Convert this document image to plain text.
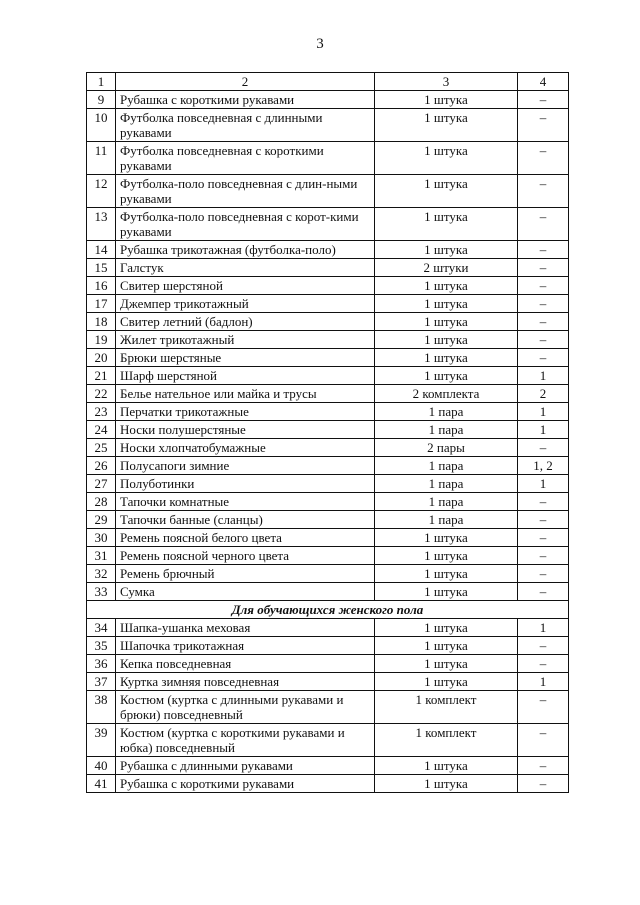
3
1	2	3	4
9	Рубашка с короткими рукавами	1 штука	–
10	Футболка повседневная с длинными рукавами	1 штука	–
11	Футболка повседневная с короткими рукавами	1 штука	–
12	Футболка-поло повседневная с длин-ными рукавами	1 штука	–
13	Футболка-поло повседневная с корот-кими рукавами	1 штука	–
14	Рубашка трикотажная (футболка-поло)	1 штука	–
15	Галстук	2 штуки	–
16	Свитер шерстяной	1 штука	–
17	Джемпер трикотажный	1 штука	–
18	Свитер летний (бадлон)	1 штука	–
19	Жилет трикотажный	1 штука	–
20	Брюки шерстяные	1 штука	–
21	Шарф шерстяной	1 штука	1
22	Белье нательное или майка и трусы	2 комплекта	2
23	Перчатки трикотажные	1 пара	1
24	Носки полушерстяные	1 пара	1
25	Носки хлопчатобумажные	2 пары	–
26	Полусапоги зимние	1 пара	1, 2
27	Полуботинки	1 пара	1
28	Тапочки комнатные	1 пара	–
29	Тапочки банные (сланцы)	1 пара	–
30	Ремень поясной белого цвета	1 штука	–
31	Ремень поясной черного цвета	1 штука	–
32	Ремень брючный	1 штука	–
33	Сумка	1 штука	–
Для обучающихся женского пола			
34	Шапка-ушанка меховая	1 штука	1
35	Шапочка трикотажная	1 штука	–
36	Кепка повседневная	1 штука	–
37	Куртка зимняя повседневная	1 штука	1
38	Костюм (куртка с длинными рукавами и брюки) повседневный	1 комплект	–
39	Костюм (куртка с короткими рукавами и юбка) повседневный	1 комплект	–
40	Рубашка с длинными рукавами	1 штука	–
41	Рубашка с короткими рукавами	1 штука	–
